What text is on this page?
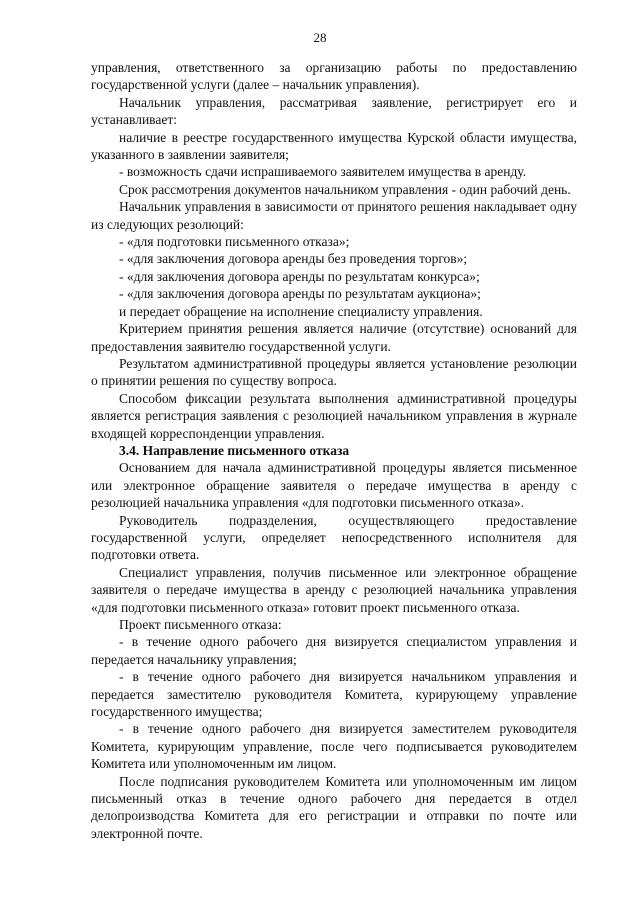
28

управления, ответственного за организацию работы по предоставлению государственной услуги (далее – начальник управления).

Начальник управления, рассматривая заявление, регистрирует его и устанавливает:

наличие в реестре государственного имущества Курской области имущества, указанного в заявлении заявителя;

- возможность сдачи испрашиваемого заявителем имущества в аренду.

Срок рассмотрения документов начальником управления - один рабочий день.

Начальник управления в зависимости от принятого решения накладывает одну из следующих резолюций:

- «для подготовки письменного отказа»;

- «для заключения договора аренды без проведения торгов»;

- «для заключения договора аренды по результатам конкурса»;

- «для заключения договора аренды по результатам аукциона»;

и передает обращение на исполнение специалисту управления.

Критерием принятия решения является наличие (отсутствие) оснований для предоставления заявителю государственной услуги.

Результатом административной процедуры является установление резолюции о принятии решения по существу вопроса.

Способом фиксации результата выполнения административной процедуры является регистрация заявления с резолюцией начальником управления в журнале входящей корреспонденции управления.

3.4. Направление письменного отказа

Основанием для начала административной процедуры является письменное или электронное обращение заявителя о передаче имущества в аренду с резолюцией начальника управления «для подготовки письменного отказа».

Руководитель подразделения, осуществляющего предоставление государственной услуги, определяет непосредственного исполнителя для подготовки ответа.

Специалист управления, получив письменное или электронное обращение заявителя о передаче имущества в аренду с резолюцией начальника управления «для подготовки письменного отказа» готовит проект письменного отказа.

Проект письменного отказа:

- в течение одного рабочего дня визируется специалистом управления и передается начальнику управления;

- в течение одного рабочего дня визируется начальником управления и передается заместителю руководителя Комитета, курирующему управление государственного имущества;

- в течение одного рабочего дня визируется заместителем руководителя Комитета, курирующим управление, после чего подписывается руководителем Комитета или уполномоченным им лицом.

После подписания руководителем Комитета или уполномоченным им лицом письменный отказ в течение одного рабочего дня передается в отдел делопроизводства Комитета для его регистрации и отправки по почте или электронной почте.
